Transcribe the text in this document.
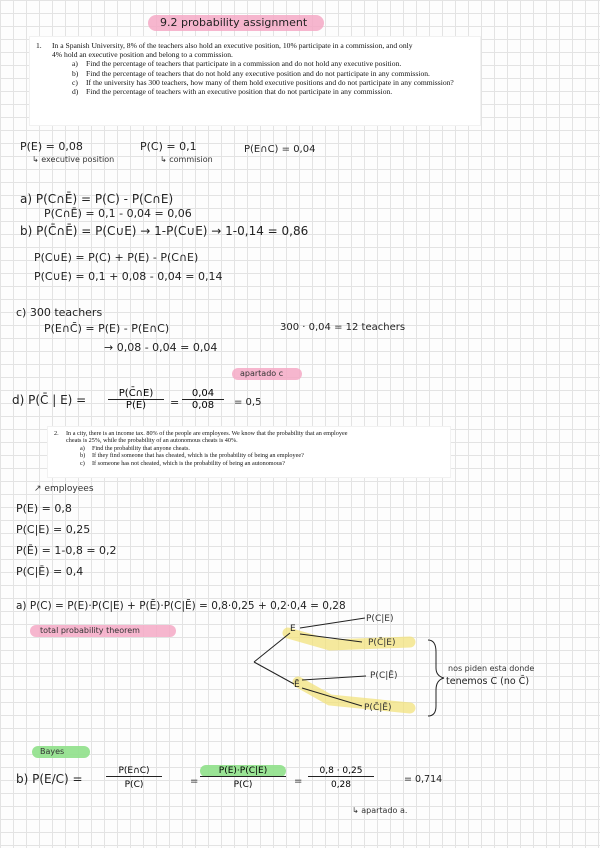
9.2 probability assignment
1.	In a Spanish University, 8% of the teachers also hold an executive position, 10% participate in a commission, and only
4% hold an executive position and belong to a commission.
a)	Find the percentage of teachers that participate in a commission and do not hold any executive position.
b)	Find the percentage of teachers that do not hold any executive position and do not participate in any commission.
c)	If the university has 300 teachers, how many of them hold executive positions and do not participate in any commission?
d)	Find the percentage of teachers with an executive position that do not participate in any commission.
P(E) = 0,08
↳ executive position
P(C) = 0,1
↳ commision
P(E∩C) = 0,04
a) P(C∩Ē) = P(C) - P(C∩E)
P(C∩Ē) = 0,1 - 0,04 = 0,06
b) P(C̄∩Ē) = P(C∪E) → 1-P(C∪E) → 1-0,14 = 0,86
P(C∪E) = P(C) + P(E) - P(C∩E)
P(C∪E) = 0,1 + 0,08 - 0,04 = 0,14
c) 300 teachers
P(E∩C̄) = P(E) - P(E∩C)
→ 0,08 - 0,04 = 0,04
300 · 0,04 = 12 teachers
apartado c
d) P(C̄ | $E) = \frac{P(C̄\cap E)}{P(E)} = \frac{0,04}{0,08} = 0,5$
2.	In a city, there is an income tax. 80% of the people are employees. We know that the probability that an employee
cheats is 25%, while the probability of an autonomous cheats is 40%.
a)	Find the probability that anyone cheats.
b)	If they find someone that has cheated, which is the probability of being an employee?
c)	If someone has not cheated, which is the probability of being an autonomous?
↗ employees
P(E) = 0,8
P(C|E) = 0,25
P(Ē) = 1-0,8 = 0,2
P(C|Ē) = 0,4
a) P(C) = P(E)·P(C|E) + P(Ē)·P(C|Ē) = 0,8·0,25 + 0,2·0,4 = 0,28
total probability theorem	E
Ē
P(C|E)
P(C̄|E)
P(C|Ē)
P(C̄|Ē)
nos piden esta donde
tenemos C (no C̄)
Bayes
b) P(E/C) =	$\frac{P(E\cap C)}{P(C)}$	= $\frac{P(E)\cdot P(C|E)}{P(C)} = \frac{0,8 \cdot 0,25}{0,28}$	= 0,714
↳ apartado a.
